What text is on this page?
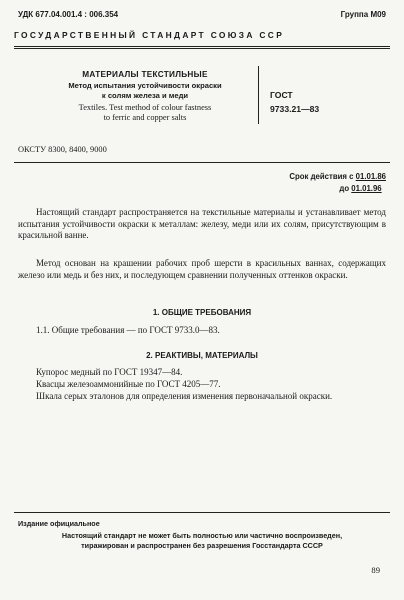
УДК 677.04.001.4 : 006.354	Группа М09
ГОСУДАРСТВЕННЫЙ СТАНДАРТ СОЮЗА ССР
МАТЕРИАЛЫ ТЕКСТИЛЬНЫЕ
Метод испытания устойчивости окраски
к солям железа и меди
Textiles. Test method of colour fastness
to ferric and copper salts
ГОСТ
9733.21—83
ОКСТУ 8300, 8400, 9000
Срок действия с 01.01.86
до 01.01.96
Настоящий стандарт распространяется на текстильные материалы и устанавливает метод испытания устойчивости окраски к металлам: железу, меди или их солям, присутствующим в красильной ванне.
Метод основан на крашении рабочих проб шерсти в красильных ваннах, содержащих железо или медь и без них, и последующем сравнении полученных оттенков окраски.
1. ОБЩИЕ ТРЕБОВАНИЯ
1.1. Общие требования — по ГОСТ 9733.0—83.
2. РЕАКТИВЫ, МАТЕРИАЛЫ
Купорос медный по ГОСТ 19347—84.
Квасцы железоаммонийные по ГОСТ 4205—77.
Шкала серых эталонов для определения изменения первоначальной окраски.
Издание официальное
Настоящий стандарт не может быть полностью или частично воспроизведен,
тиражирован и распространен без разрешения Госстандарта СССР
89
